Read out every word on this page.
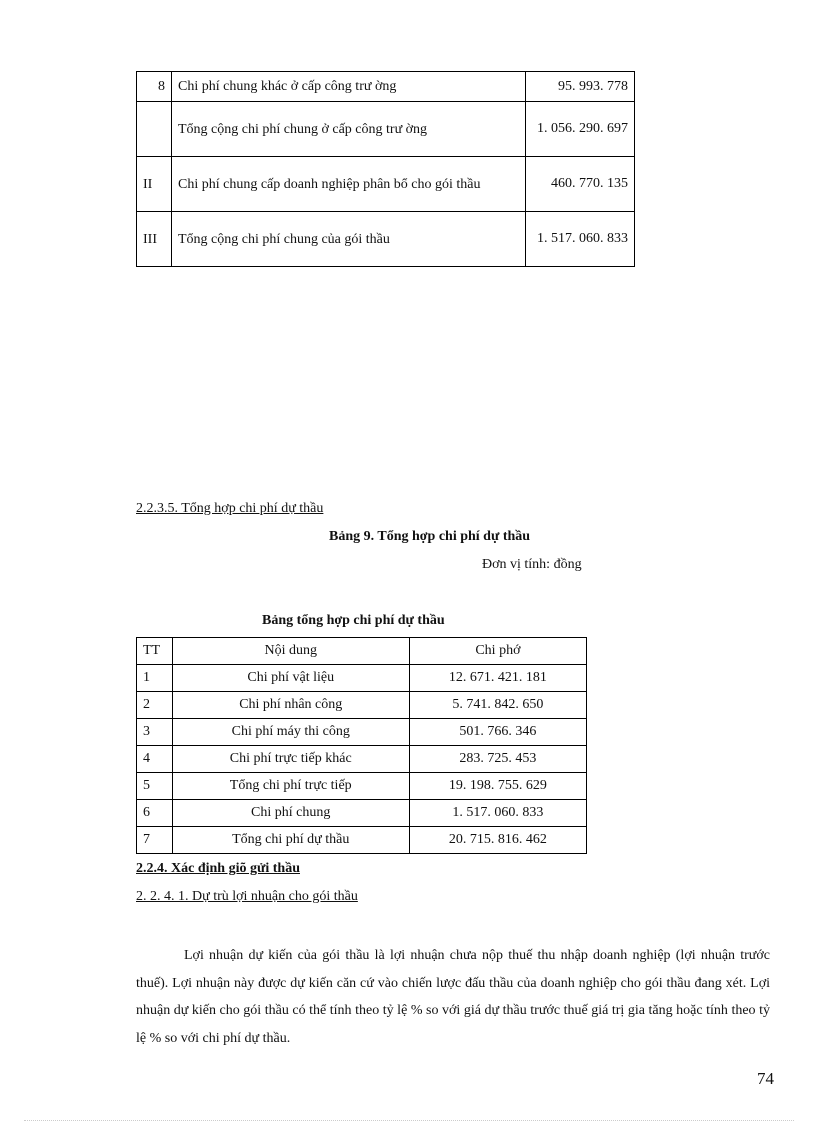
8	Chi phí chung khác ở cấp công trư ờng	95. 993. 778
	Tổng cộng chi phí chung ở cấp công trư ờng	1. 056. 290. 697
II	Chi phí chung cấp doanh nghiệp phân bổ cho gói thầu	460. 770. 135
III	Tổng cộng chi phí chung của gói thầu	1. 517. 060. 833
2.2.3.5. Tổng hợp chi phí dự thầu
Bảng 9. Tổng hợp chi phí dự thầu
Đơn vị tính: đồng
Bảng tổng hợp chi phí dự thầu
TT	Nội dung	Chi phớ
1	Chi phí vật liệu	12. 671. 421. 181
2	Chi phí nhân công	5. 741. 842. 650
3	Chi phí máy thi công	501. 766. 346
4	Chi phí trực tiếp khác	283. 725. 453
5	Tổng chi phí trực tiếp	19. 198. 755. 629
6	Chi phí chung	1. 517. 060. 833
7	Tổng chi phí dự thầu	20. 715. 816. 462
2.2.4. Xác định giõ gửi thầu
2. 2. 4. 1. Dự trù lợi nhuận cho gói thầu
Lợi nhuận dự kiến của gói thầu là lợi nhuận chưa nộp thuế thu nhập doanh nghiệp (lợi nhuận trước thuế). Lợi nhuận này được dự kiến căn cứ vào chiến lược đấu thầu của doanh nghiệp cho gói thầu đang xét. Lợi nhuận dự kiến cho gói thầu có thể tính theo tỷ lệ % so với giá dự thầu trước thuế giá trị gia tăng hoặc tính theo tỷ lệ % so với chi phí dự thầu.
74
